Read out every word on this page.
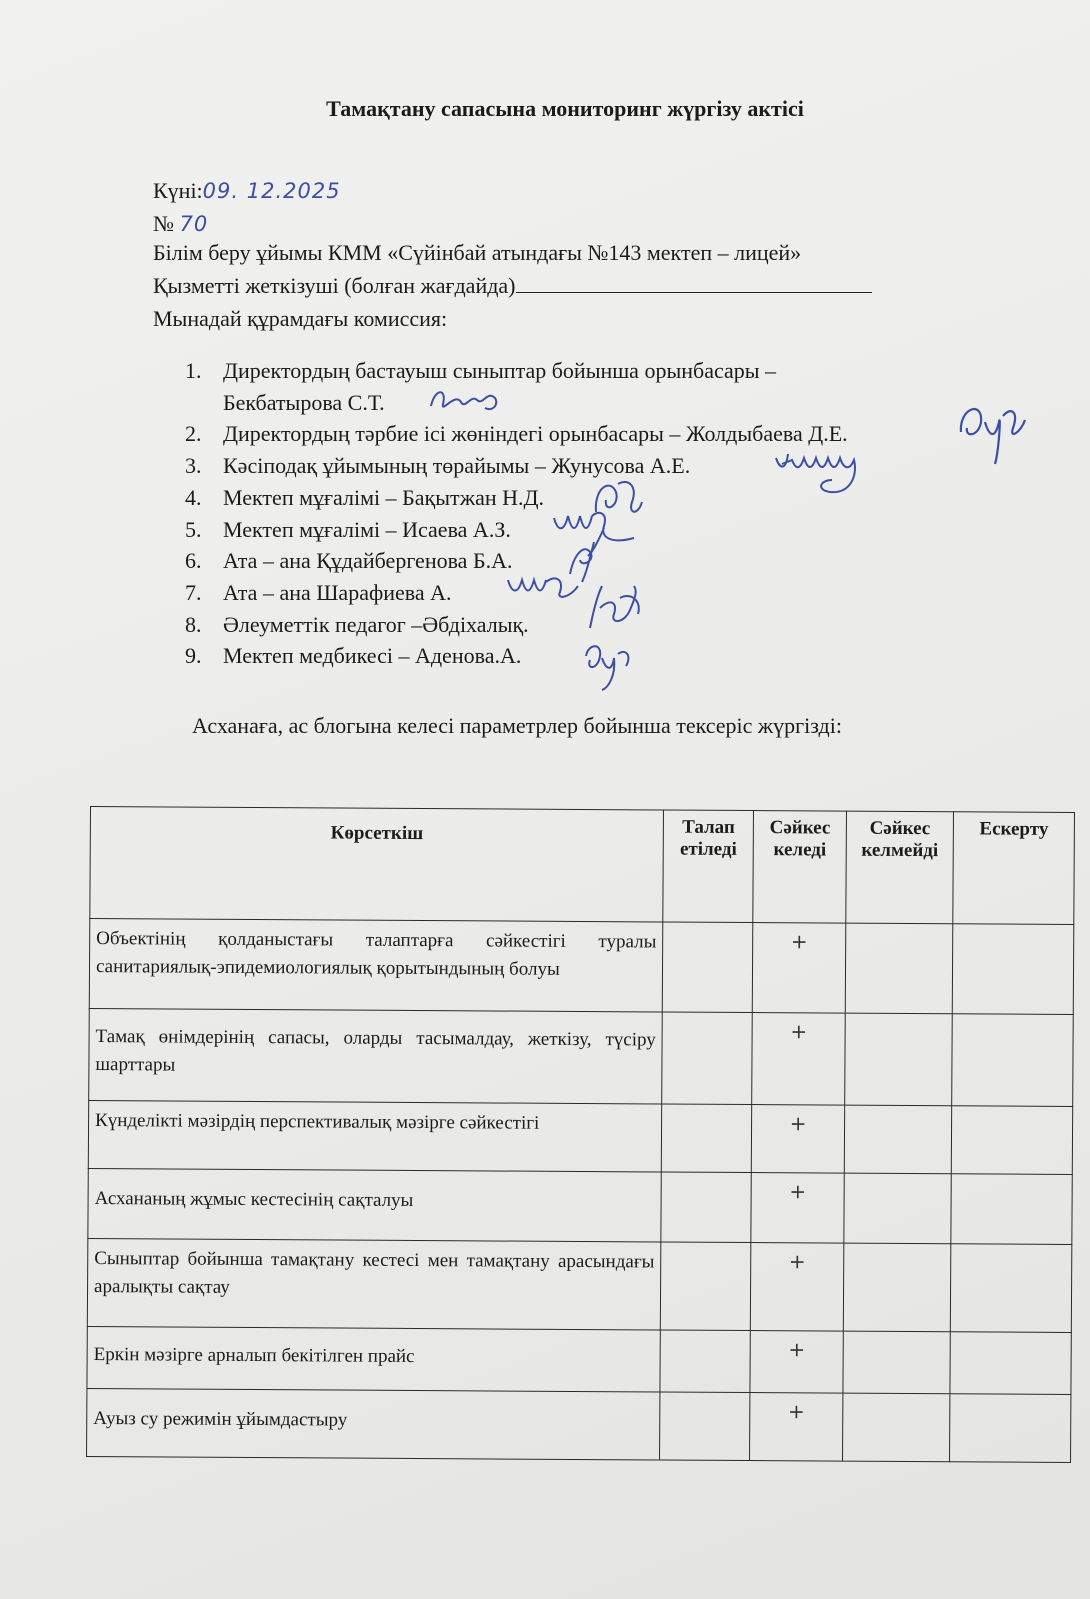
Тамақтану сапасына мониторинг жүргізу актісі
Күні:09. 12.2025
№ 70
Білім беру ұйымы КММ «Сүйінбай атындағы №143 мектеп – лицей»
Қызметті жеткізуші (болған жағдайда)
Мынадай құрамдағы комиссия:
1. Директордың бастауыш сыныптар бойынша орынбасары –
Бекбатырова С.Т.
2. Директордың тәрбие ісі жөніндегі орынбасары – Жолдыбаева Д.Е.
3. Кәсіподақ ұйымының төрайымы – Жунусова А.Е.
4. Мектеп мұғалімі – Бақытжан Н.Д.
5. Мектеп мұғалімі – Исаева А.З.
6. Ата – ана Құдайбергенова Б.А.
7. Ата – ана Шарафиева А.
8. Әлеуметтік педагог –Әбдіхалық.
9. Мектеп медбикесі – Аденова.А.
Асханаға, ас блогына келесі параметрлер бойынша тексеріс жүргізді:
Көрсеткіш	Талап етіледі	Сәйкес келеді	Сәйкес келмейді	Ескерту
Объектінің қолданыстағы талаптарға сәйкестігі туралы санитариялық-эпидемиологиялық қорытындының болуы		+		
Тамақ өнімдерінің сапасы, оларды тасымалдау, жеткізу, түсіру шарттары		+		
Күнделікті мәзірдің перспективалық мәзірге сәйкестігі		+		
Асхананың жұмыс кестесінің сақталуы		+		
Сыныптар бойынша тамақтану кестесі мен тамақтану арасындағы аралықты сақтау		+		
Еркін мәзірге арналып бекітілген прайс		+		
Ауыз су режимін ұйымдастыру		+		
